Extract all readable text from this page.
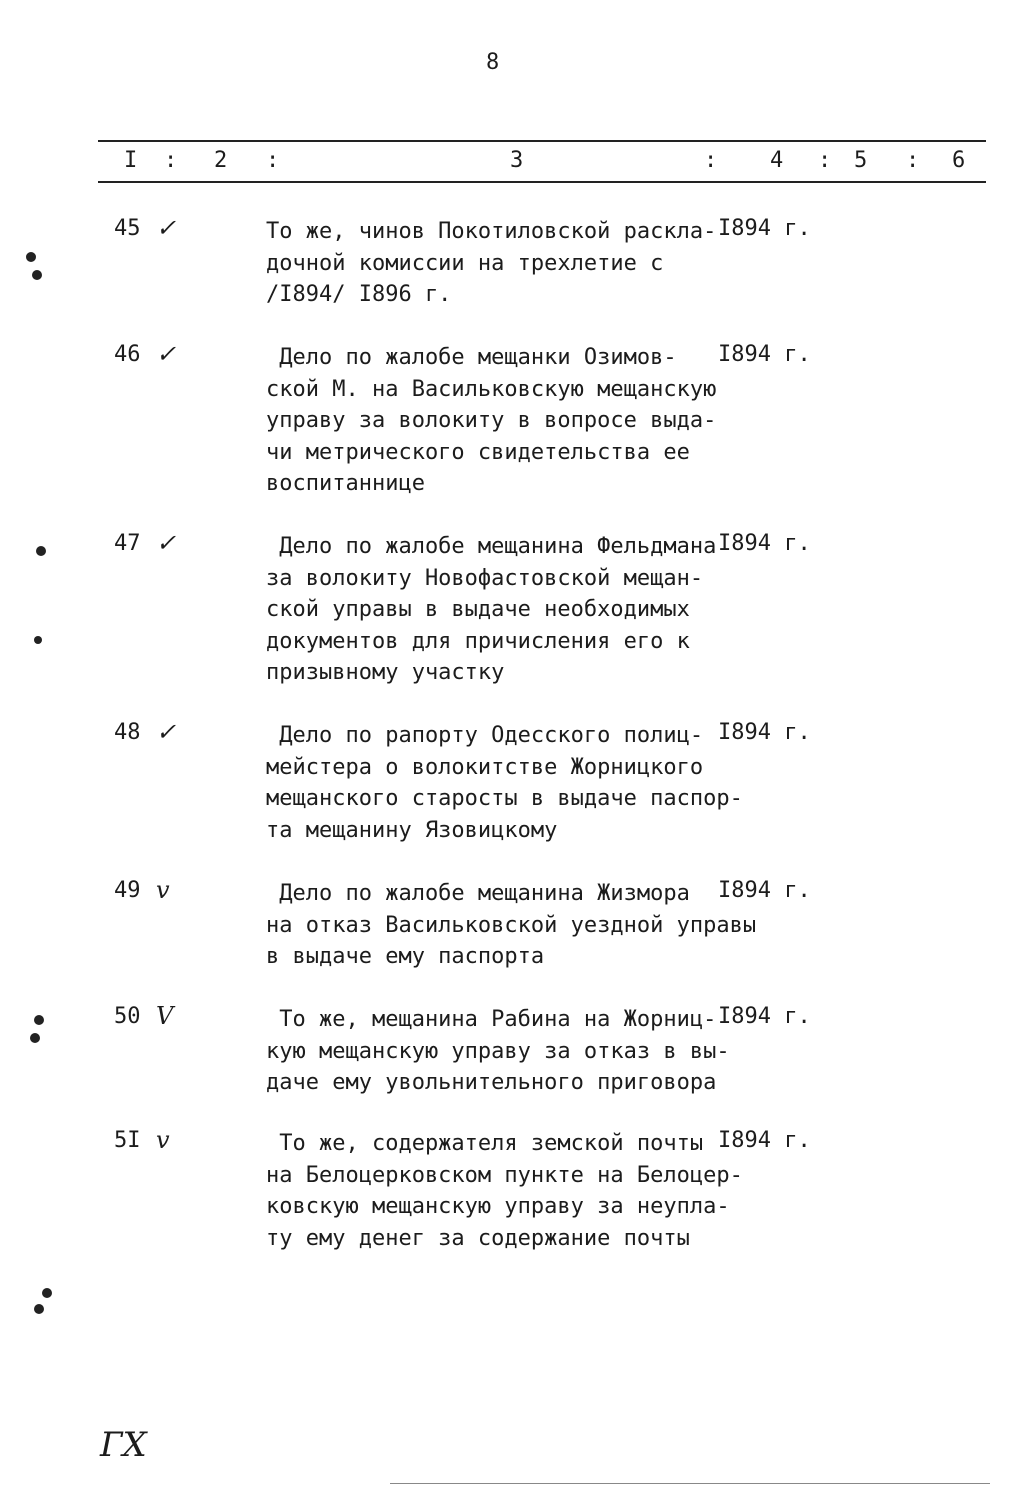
8
I : 2 :	3	: 4 : 5 : 6
45 ✓	То же, чинов Покотиловской раскла-
дочной комиссии на трехлетие с
/I894/ I896 г.
I894 г.
46 ✓	Дело по жалобе мещанки Озимов-
ской М. на Васильковскую мещанскую
управу за волокиту в вопросе выда-
чи метрического свидетельства ее
воспитаннице
I894 г.
47 ✓	Дело по жалобе мещанина Фельдмана
за волокиту Новофастовской мещан-
ской управы в выдаче необходимых
документов для причисления его к
призывному участку
I894 г.
48 ✓	Дело по рапорту Одесского полиц-
мейстера о волокитстве Жорницкого
мещанского старосты в выдаче паспор-
та мещанину Язовицкому
I894 г.
49 v	Дело по жалобе мещанина Жизмора
на отказ Васильковской уездной управы
в выдаче ему паспорта
I894 г.
50 V	То же, мещанина Рабина на Жорниц-
кую мещанскую управу за отказ в вы-
даче ему увольнительного приговора
I894 г.
5I v	То же, содержателя земской почты
на Белоцерковском пункте на Белоцер-
ковскую мещанскую управу за неупла-
ту ему денег за содержание почты
I894 г.
ГХ
